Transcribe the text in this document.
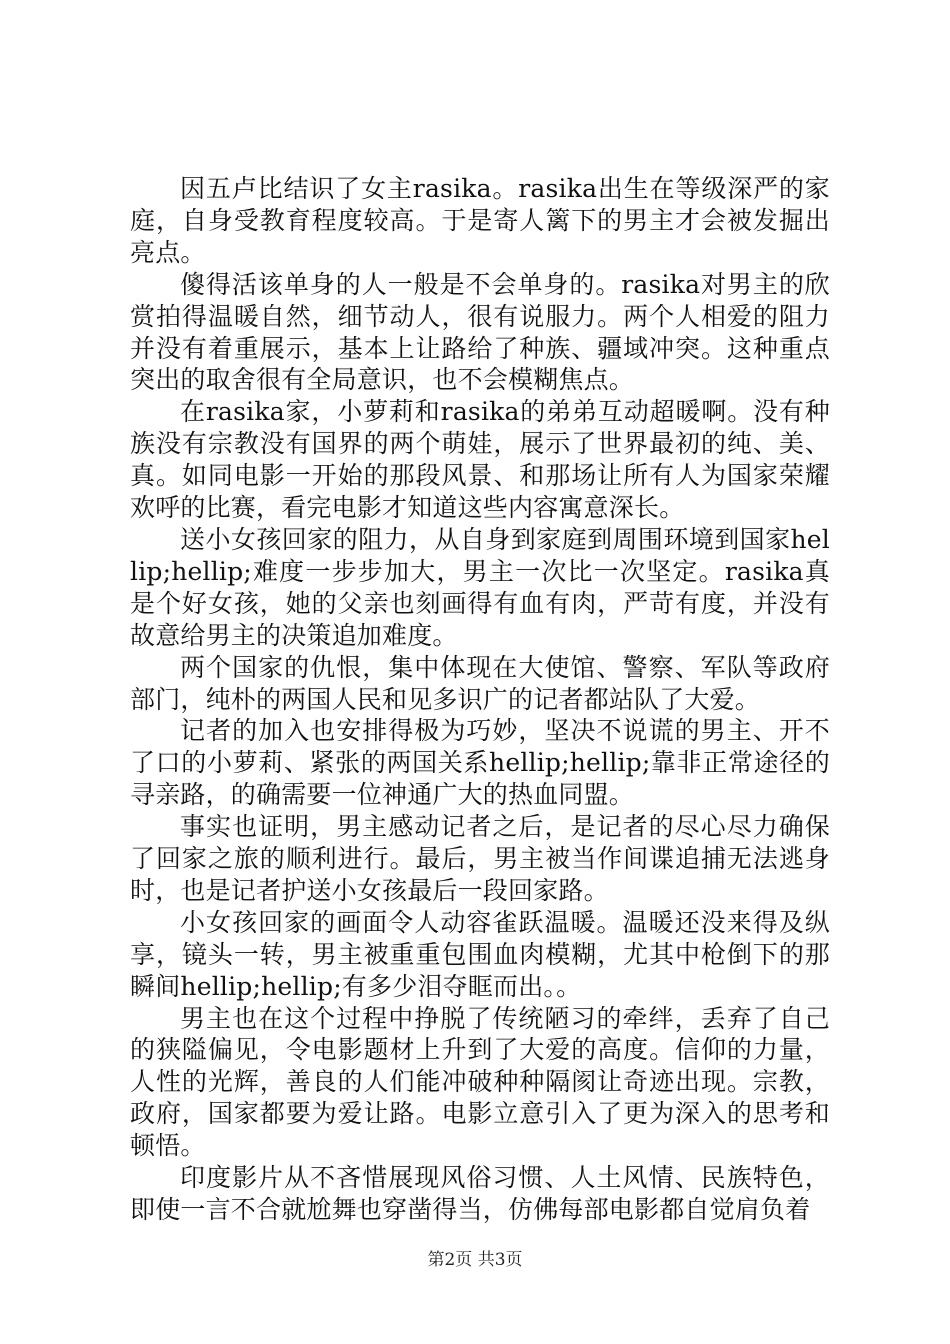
因五卢比结识了女主rasika。rasika出生在等级深严的家庭，自身受教育程度较高。于是寄人篱下的男主才会被发掘出亮点。

傻得活该单身的人一般是不会单身的。rasika对男主的欣赏拍得温暖自然，细节动人，很有说服力。两个人相爱的阻力并没有着重展示，基本上让路给了种族、疆域冲突。这种重点突出的取舍很有全局意识，也不会模糊焦点。

在rasika家，小萝莉和rasika的弟弟互动超暖啊。没有种族没有宗教没有国界的两个萌娃，展示了世界最初的纯、美、真。如同电影一开始的那段风景、和那场让所有人为国家荣耀欢呼的比赛，看完电影才知道这些内容寓意深长。

送小女孩回家的阻力，从自身到家庭到周围环境到国家hellip;hellip;难度一步步加大，男主一次比一次坚定。rasika真是个好女孩，她的父亲也刻画得有血有肉，严苛有度，并没有故意给男主的决策追加难度。

两个国家的仇恨，集中体现在大使馆、警察、军队等政府部门，纯朴的两国人民和见多识广的记者都站队了大爱。

记者的加入也安排得极为巧妙，坚决不说谎的男主、开不了口的小萝莉、紧张的两国关系hellip;hellip;靠非正常途径的寻亲路，的确需要一位神通广大的热血同盟。

事实也证明，男主感动记者之后，是记者的尽心尽力确保了回家之旅的顺利进行。最后，男主被当作间谍追捕无法逃身时，也是记者护送小女孩最后一段回家路。

小女孩回家的画面令人动容雀跃温暖。温暖还没来得及纵享，镜头一转，男主被重重包围血肉模糊，尤其中枪倒下的那瞬间hellip;hellip;有多少泪夺眶而出。。

男主也在这个过程中挣脱了传统陋习的牵绊，丢弃了自己的狭隘偏见，令电影题材上升到了大爱的高度。信仰的力量，人性的光辉，善良的人们能冲破种种隔阂让奇迹出现。宗教，政府，国家都要为爱让路。电影立意引入了更为深入的思考和顿悟。

印度影片从不吝惜展现风俗习惯、人土风情、民族特色，即使一言不合就尬舞也穿凿得当，仿佛每部电影都自觉肩负着

第2页 共3页
